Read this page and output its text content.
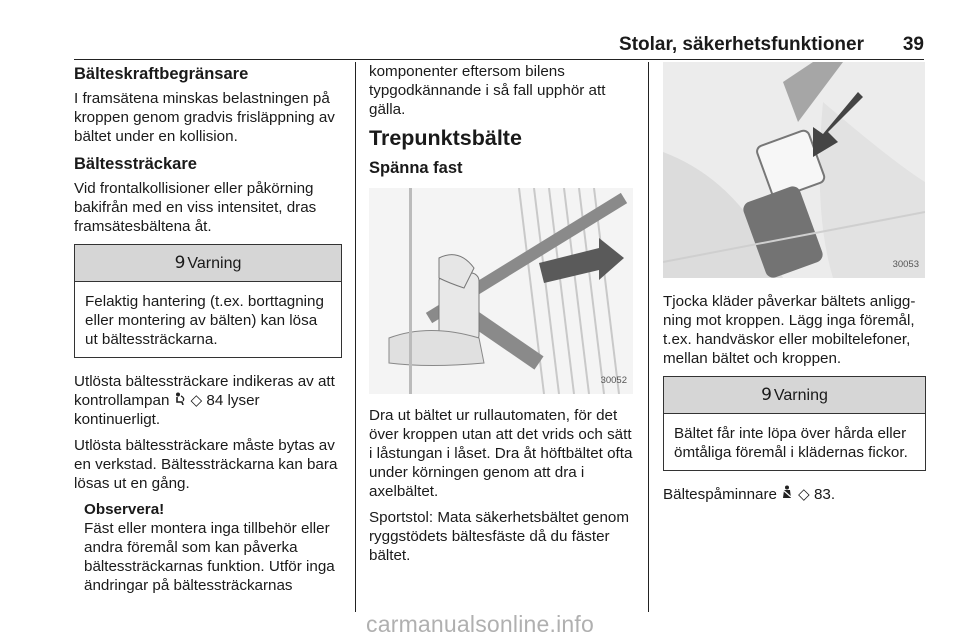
Stolar, säkerhetsfunktioner 39
Bälteskraftbegränsare
I framsätena minskas belastningen på kroppen genom gradvis frisläppning av bältet under en kollision.
Bältessträckare
Vid frontalkollisioner eller påkörning bakifrån med en viss intensitet, dras framsätesbältena åt.
9 Varning
Felaktig hantering (t.ex. borttagning eller montering av bälten) kan lösa ut bältessträckarna.
Utlösta bältessträckare indikeras av att kontrollampan ◇ 84 lyser kontinuerligt.
Utlösta bältessträckare måste bytas av en verkstad. Bältessträckarna kan bara lösas ut en gång.
Observera!
Fäst eller montera inga tillbehör eller andra föremål som kan påverka bältessträckarnas funktion. Utför inga ändringar på bältessträckarnas
komponenter eftersom bilens typgodkännande i så fall upphör att gälla.
Trepunktsbälte
Spänna fast
30052
Dra ut bältet ur rullautomaten, för det över kroppen utan att det vrids och sätt i låstungan i låset. Dra åt höftbältet ofta under körningen genom att dra i axelbältet.
Sportstol: Mata säkerhetsbältet genom ryggstödets bältesfäste då du fäster bältet.
30053
Tjocka kläder påverkar bältets anliggning mot kroppen. Lägg inga föremål, t.ex. handväskor eller mobiltelefoner, mellan bältet och kroppen.
9 Varning
Bältet får inte löpa över hårda eller ömtåliga föremål i klädernas fickor.
Bältespåminnare ◇ 83.
carmanualsonline.info
